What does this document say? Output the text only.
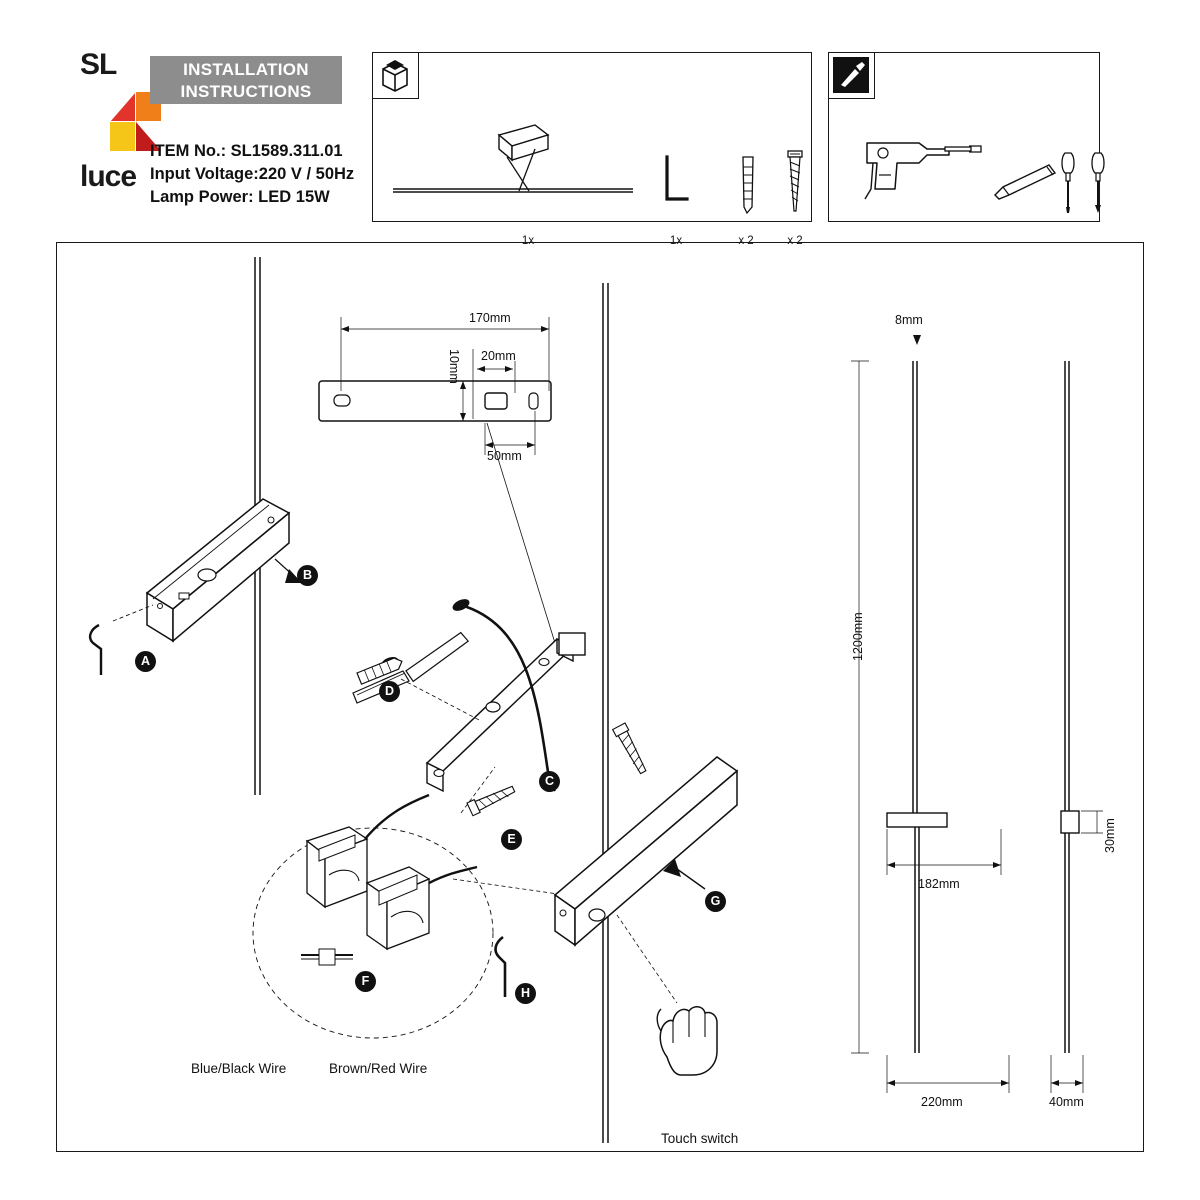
SL
luce
INSTALLATION
INSTRUCTIONS
ITEM No.: SL1589.311.01
Input Voltage:220 V / 50Hz
Lamp Power: LED 15W
1x	1x	x 2	x 2
170mm
20mm
10mm
50mm
8mm
1200mm
182mm
220mm	40mm
30mm
A
B
C
D
E
F
G
H
Blue/Black Wire	Brown/Red Wire
Touch switch
